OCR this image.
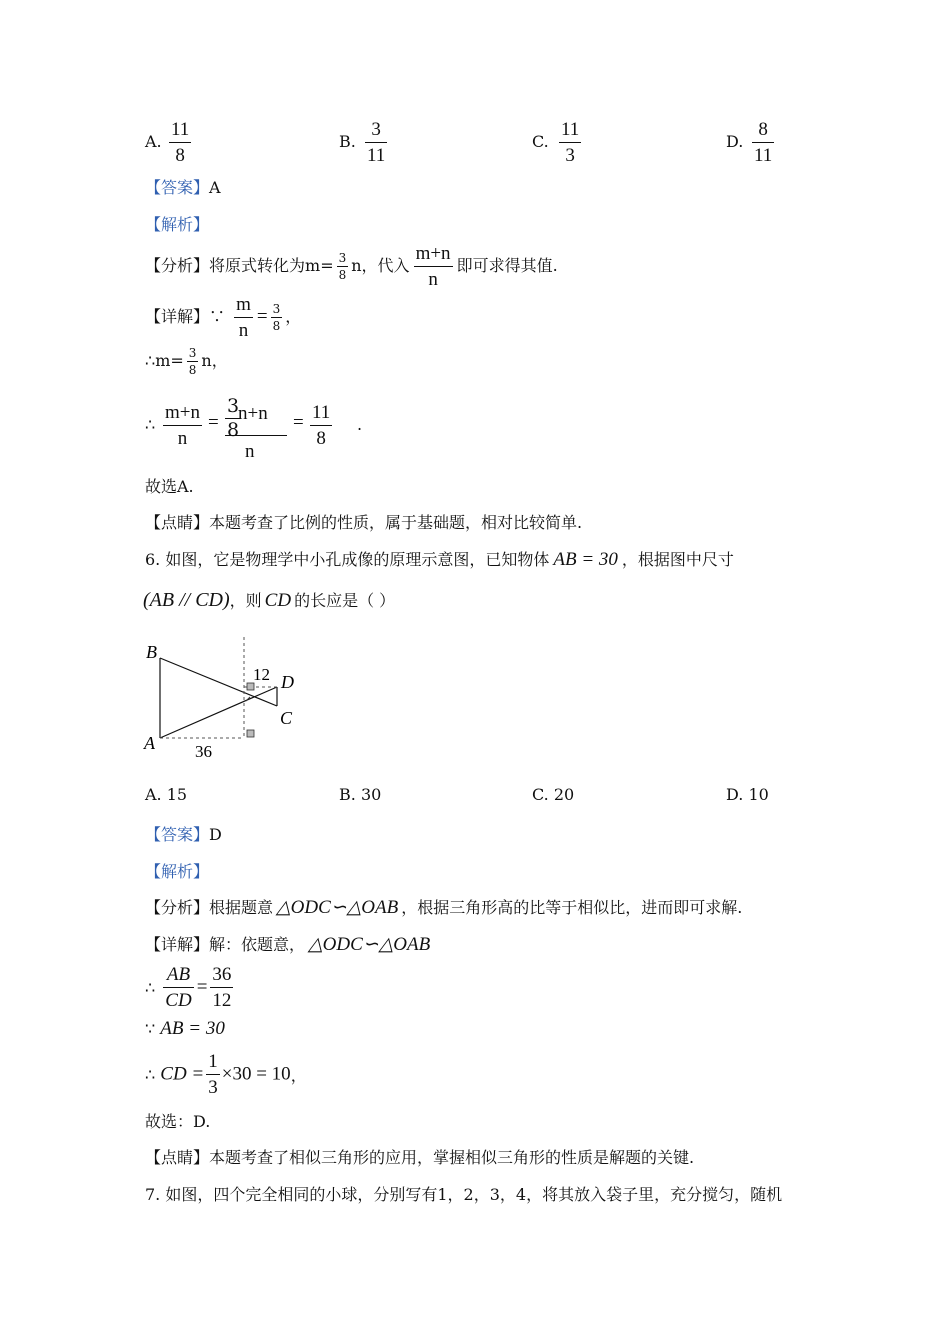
A. $\frac{11}{8}$	B. $\frac{3}{11}$	C. $\frac{11}{3}$	D. $\frac{8}{11}$
【答案】A
【解析】
【分析】将原式转化为$m= \frac{3}{8}$ n，代入 $\frac{m+n}{n}$ 即可求得其值.
【详解】∵ $\frac{m}{n} = \frac{3}{8}$ ，
∴m= $\frac{3}{8}$ n，
∴ $\frac{m+n}{n} = \frac{3}{8}$
n+n
n
= $\frac{11}{8}$ .
故选A.
【点睛】本题考查了比例的性质，属于基础题，相对比较简单.
6. 如图，它是物理学中小孔成像的原理示意图，已知物体 AB = 30 ，根据图中尺寸
(AB // CD)，则 CD 的长应是（ ）
B
A
D
C
12
36
A. 15	B. 30	C. 20	D. 10
【答案】D
【解析】
【分析】根据题意 △ODC∽△OAB ，根据三角形高的比等于相似比，进而即可求解.
【详解】解：依题意， △ODC∽△OAB
∴ $\frac{AB}{CD} = \frac{36}{12}$
∵ AB = 30
∴ CD = $\frac{1}{3} \times 30 = 10$，
故选：D.
【点睛】本题考查了相似三角形的应用，掌握相似三角形的性质是解题的关键.
7. 如图，四个完全相同的小球，分别写有1，2，3，4，将其放入袋子里，充分搅匀，随机
